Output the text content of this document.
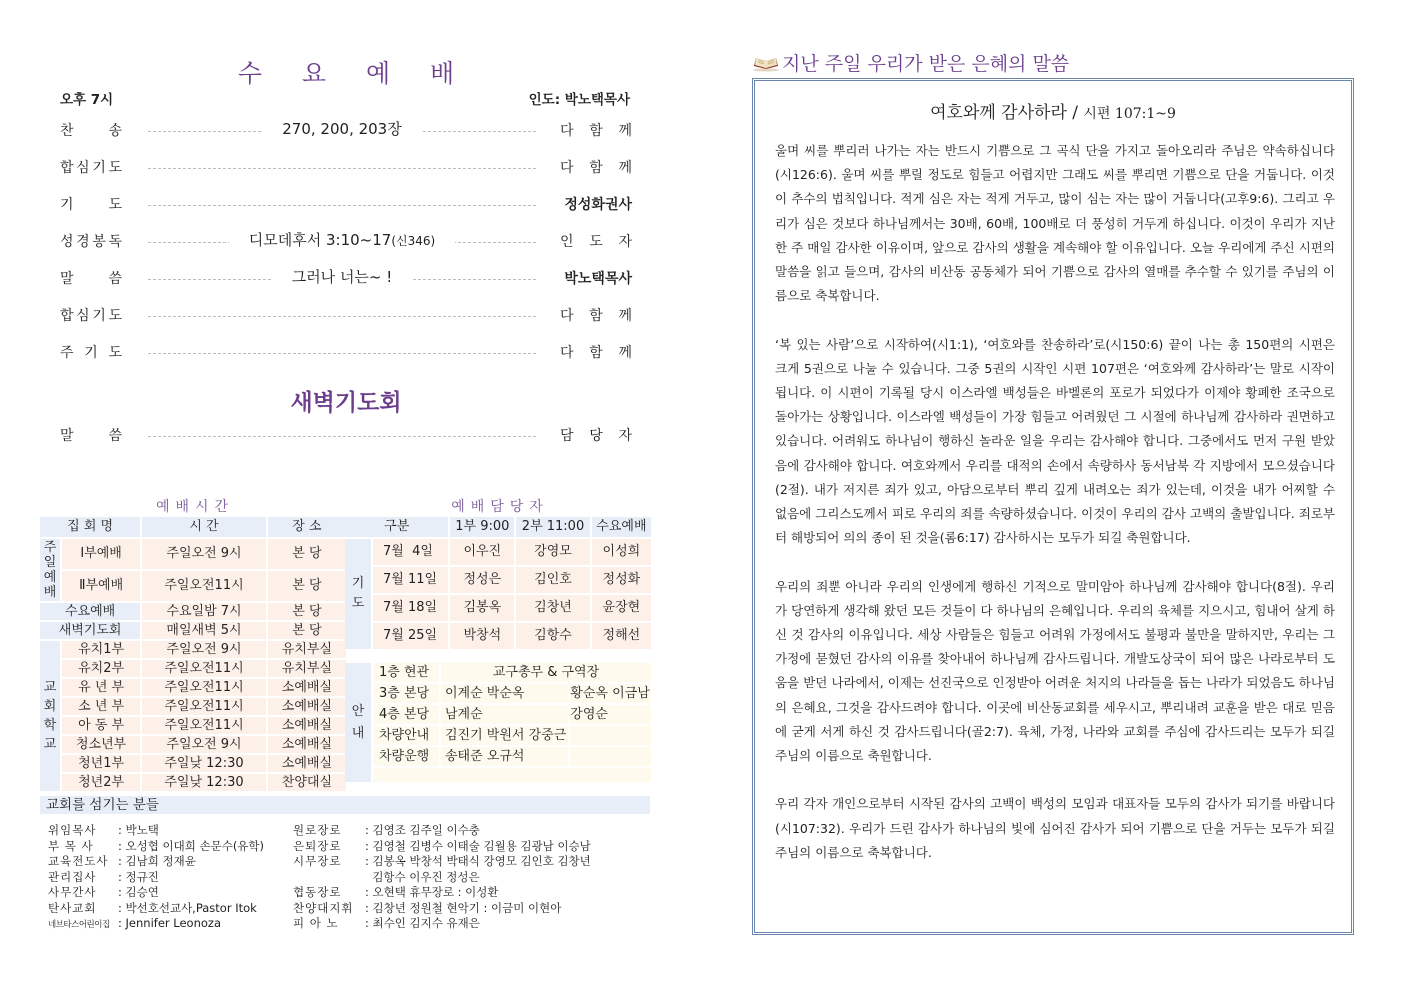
수 요 예 배
오후 7시	인도: 박노택목사
찬 송	270, 200, 203장	다 함 께
합 심 기 도	다 함 께
기 도	정성화권사
성 경 봉 독	디모데후서 3:10~17(신346)	인 도 자
말 씀	그러나 너는~ !	박노택목사
합 심 기 도	다 함 께
주 기 도	다 함 께
새벽기도회
말 씀	담 당 자
예배시간
집 회 명		시 간	장 소
주
일
예
배	Ⅰ부예배	주일오전 9시	본 당
	Ⅱ부예배	주일오전11시	본 당
수요예배		수요일밤 7시	본 당
새벽기도회		매일새벽 5시	본 당
교
회
학
교	유치1부	주일오전 9시	유치부실
	유치2부	주일오전11시	유치부실
	유 년 부	주일오전11시	소예배실
	소 년 부	주일오전11시	소예배실
	아 동 부	주일오전11시	소예배실
	청소년부	주일오전 9시	소예배실
	청년1부	주일낮 12:30	소예배실
	청년2부	주일낮 12:30	찬양대실
예배담당자
구분		1부 9:00	2부 11:00	수요예배
기
도	7월  4일	이우진	강영모	이성희
	7월 11일	정성은	김인호	정성화
	7월 18일	김봉옥	김창년	윤장현
	7월 25일	박창석	김항수	정해선
안
내	1층 현관	교구총무 & 구역장	
	3층 본당	이계순 박순옥	황순옥 이금남
	4층 본당	남계순	강영순
	차량안내	김진기 박원서 강중근	
	차량운행	송태준 오규석	

교회를 섬기는 분들
위임목사 : 박노택
부 목 사 : 오성협 이대희 손문수(유학)
교육전도사 : 김남희 정재윤
관리집사 : 정규진
사무간사 : 김승연
탄사교회 : 박선호선교사,Pastor Itok
네브타스어린이집 : Jennifer Leonoza
원로장로 : 김영조 김주일 이수충
은퇴장로 : 김영철 김병수 이태술 김월용 김광남 이승남
시무장로 : 김봉옥 박창석 박태식 강영모 김인호 김창년
김항수 이우진 정성은
협동장로 : 오현택 휴무장로 : 이성환
찬양대지휘 : 김창년 정원철 현악기 : 이금미 이현아
피 아 노 : 최수인 김지수 유재은
지난 주일 우리가 받은 은혜의 말씀
여호와께 감사하라 / 시편 107:1~9

울며 씨를 뿌리러 나가는 자는 반드시 기쁨으로 그 곡식 단을 가지고 돌아오리라 주님은 약속하십니다(시126:6). 울며 씨를 뿌릴 정도로 힘들고 어렵지만 그래도 씨를 뿌리면 기쁨으로 단을 거둡니다. 이것이 추수의 법칙입니다. 적게 심은 자는 적게 거두고, 많이 심는 자는 많이 거둡니다(고후9:6). 그리고 우리가 심은 것보다 하나님께서는 30배, 60배, 100배로 더 풍성히 거두게 하십니다. 이것이 우리가 지난 한 주 매일 감사한 이유이며, 앞으로 감사의 생활을 계속해야 할 이유입니다. 오늘 우리에게 주신 시편의 말씀을 읽고 들으며, 감사의 비산동 공동체가 되어 기쁨으로 감사의 열매를 추수할 수 있기를 주님의 이름으로 축복합니다.

‘복 있는 사람’으로 시작하여(시1:1), ‘여호와를 찬송하라’로(시150:6) 끝이 나는 총 150편의 시편은 크게 5권으로 나눌 수 있습니다. 그중 5권의 시작인 시편 107편은 ‘여호와께 감사하라’는 말로 시작이 됩니다. 이 시편이 기록될 당시 이스라엘 백성들은 바벨론의 포로가 되었다가 이제야 황폐한 조국으로 돌아가는 상황입니다. 이스라엘 백성들이 가장 힘들고 어려웠던 그 시절에 하나님께 감사하라 권면하고 있습니다. 어려워도 하나님이 행하신 놀라운 일을 우리는 감사해야 합니다. 그중에서도 먼저 구원 받았음에 감사해야 합니다. 여호와께서 우리를 대적의 손에서 속량하사 동서남북 각 지방에서 모으셨습니다(2절). 내가 저지른 죄가 있고, 아담으로부터 뿌리 깊게 내려오는 죄가 있는데, 이것을 내가 어찌할 수 없음에 그리스도께서 피로 우리의 죄를 속량하셨습니다. 이것이 우리의 감사 고백의 출발입니다. 죄로부터 해방되어 의의 종이 된 것을(롬6:17) 감사하시는 모두가 되길 축원합니다.

우리의 죄뿐 아니라 우리의 인생에게 행하신 기적으로 말미암아 하나님께 감사해야 합니다(8절). 우리가 당연하게 생각해 왔던 모든 것들이 다 하나님의 은혜입니다. 우리의 육체를 지으시고, 힘내어 살게 하신 것 감사의 이유입니다. 세상 사람들은 힘들고 어려워 가정에서도 불평과 불만을 말하지만, 우리는 그 가정에 묻혔던 감사의 이유를 찾아내어 하나님께 감사드립니다. 개발도상국이 되어 많은 나라로부터 도움을 받던 나라에서, 이제는 선진국으로 인정받아 어려운 처지의 나라들을 돕는 나라가 되었음도 하나님의 은혜요, 그것을 감사드려야 합니다. 이곳에 비산동교회를 세우시고, 뿌리내려 교훈을 받은 대로 믿음에 굳게 서게 하신 것 감사드립니다(골2:7). 육체, 가정, 나라와 교회를 주심에 감사드리는 모두가 되길 주님의 이름으로 축원합니다.

우리 각자 개인으로부터 시작된 감사의 고백이 백성의 모임과 대표자들 모두의 감사가 되기를 바랍니다(시107:32). 우리가 드린 감사가 하나님의 빛에 심어진 감사가 되어 기쁨으로 단을 거두는 모두가 되길 주님의 이름으로 축복합니다.
